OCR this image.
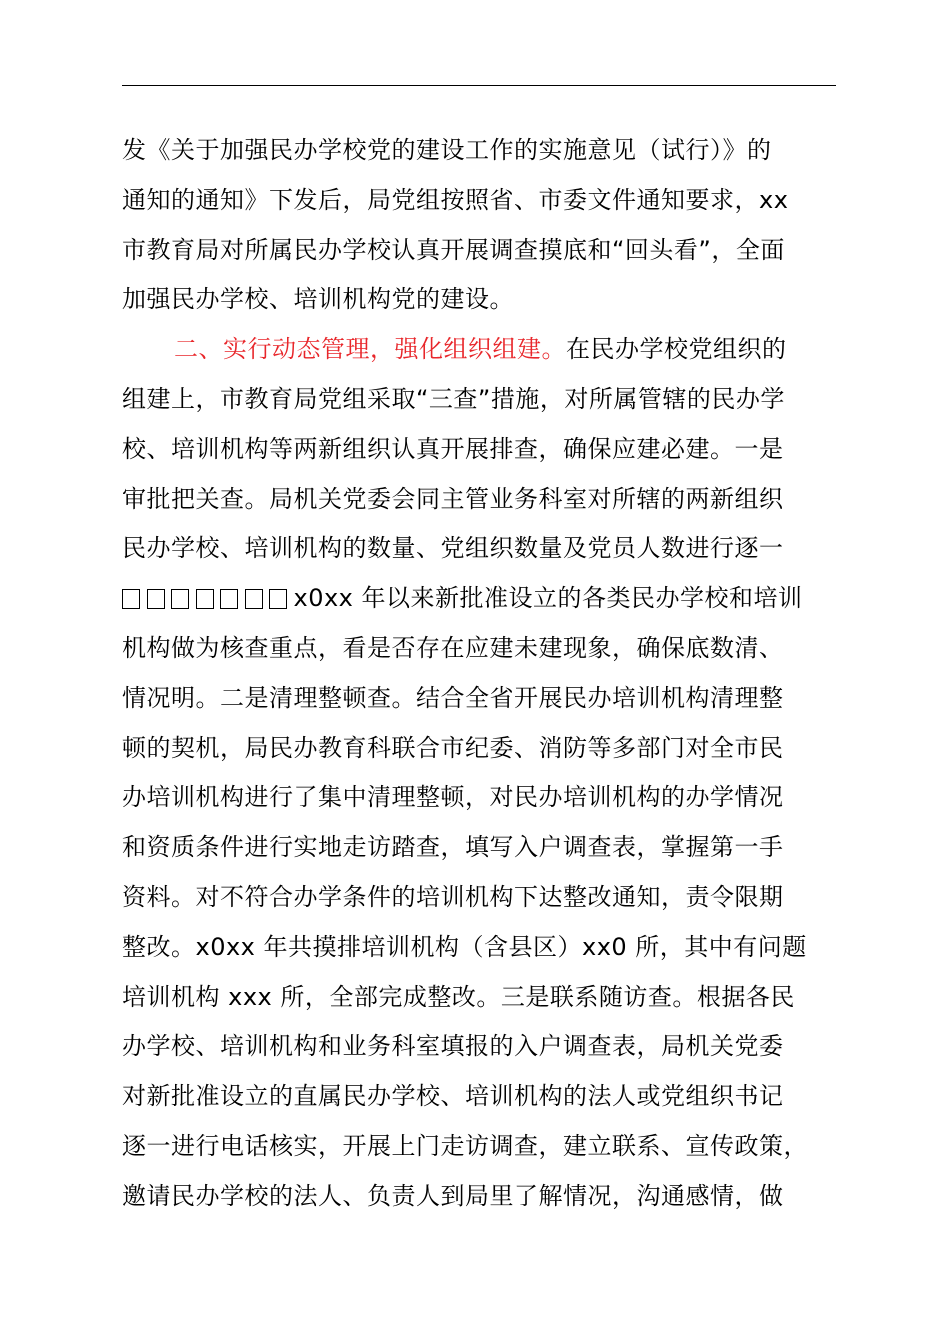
发《关于加强民办学校党的建设工作的实施意见（试行）》的
通知的通知》下发后，局党组按照省、市委文件通知要求，xx
市教育局对所属民办学校认真开展调查摸底和“回头看”，全面
加强民办学校、培训机构党的建设。
二、实行动态管理，强化组织组建。在民办学校党组织的
组建上，市教育局党组采取“三查”措施，对所属管辖的民办学
校、培训机构等两新组织认真开展排查，确保应建必建。一是
审批把关查。局机关党委会同主管业务科室对所辖的两新组织
民办学校、培训机构的数量、党组织数量及党员人数进行逐一
x0xx 年以来新批准设立的各类民办学校和培训
机构做为核查重点，看是否存在应建未建现象，确保底数清、
情况明。二是清理整顿查。结合全省开展民办培训机构清理整
顿的契机，局民办教育科联合市纪委、消防等多部门对全市民
办培训机构进行了集中清理整顿，对民办培训机构的办学情况
和资质条件进行实地走访踏查，填写入户调查表，掌握第一手
资料。对不符合办学条件的培训机构下达整改通知，责令限期
整改。x0xx 年共摸排培训机构（含县区）xx0 所，其中有问题
培训机构 xxx 所，全部完成整改。三是联系随访查。根据各民
办学校、培训机构和业务科室填报的入户调查表，局机关党委
对新批准设立的直属民办学校、培训机构的法人或党组织书记
逐一进行电话核实，开展上门走访调查，建立联系、宣传政策，
邀请民办学校的法人、负责人到局里了解情况，沟通感情，做
